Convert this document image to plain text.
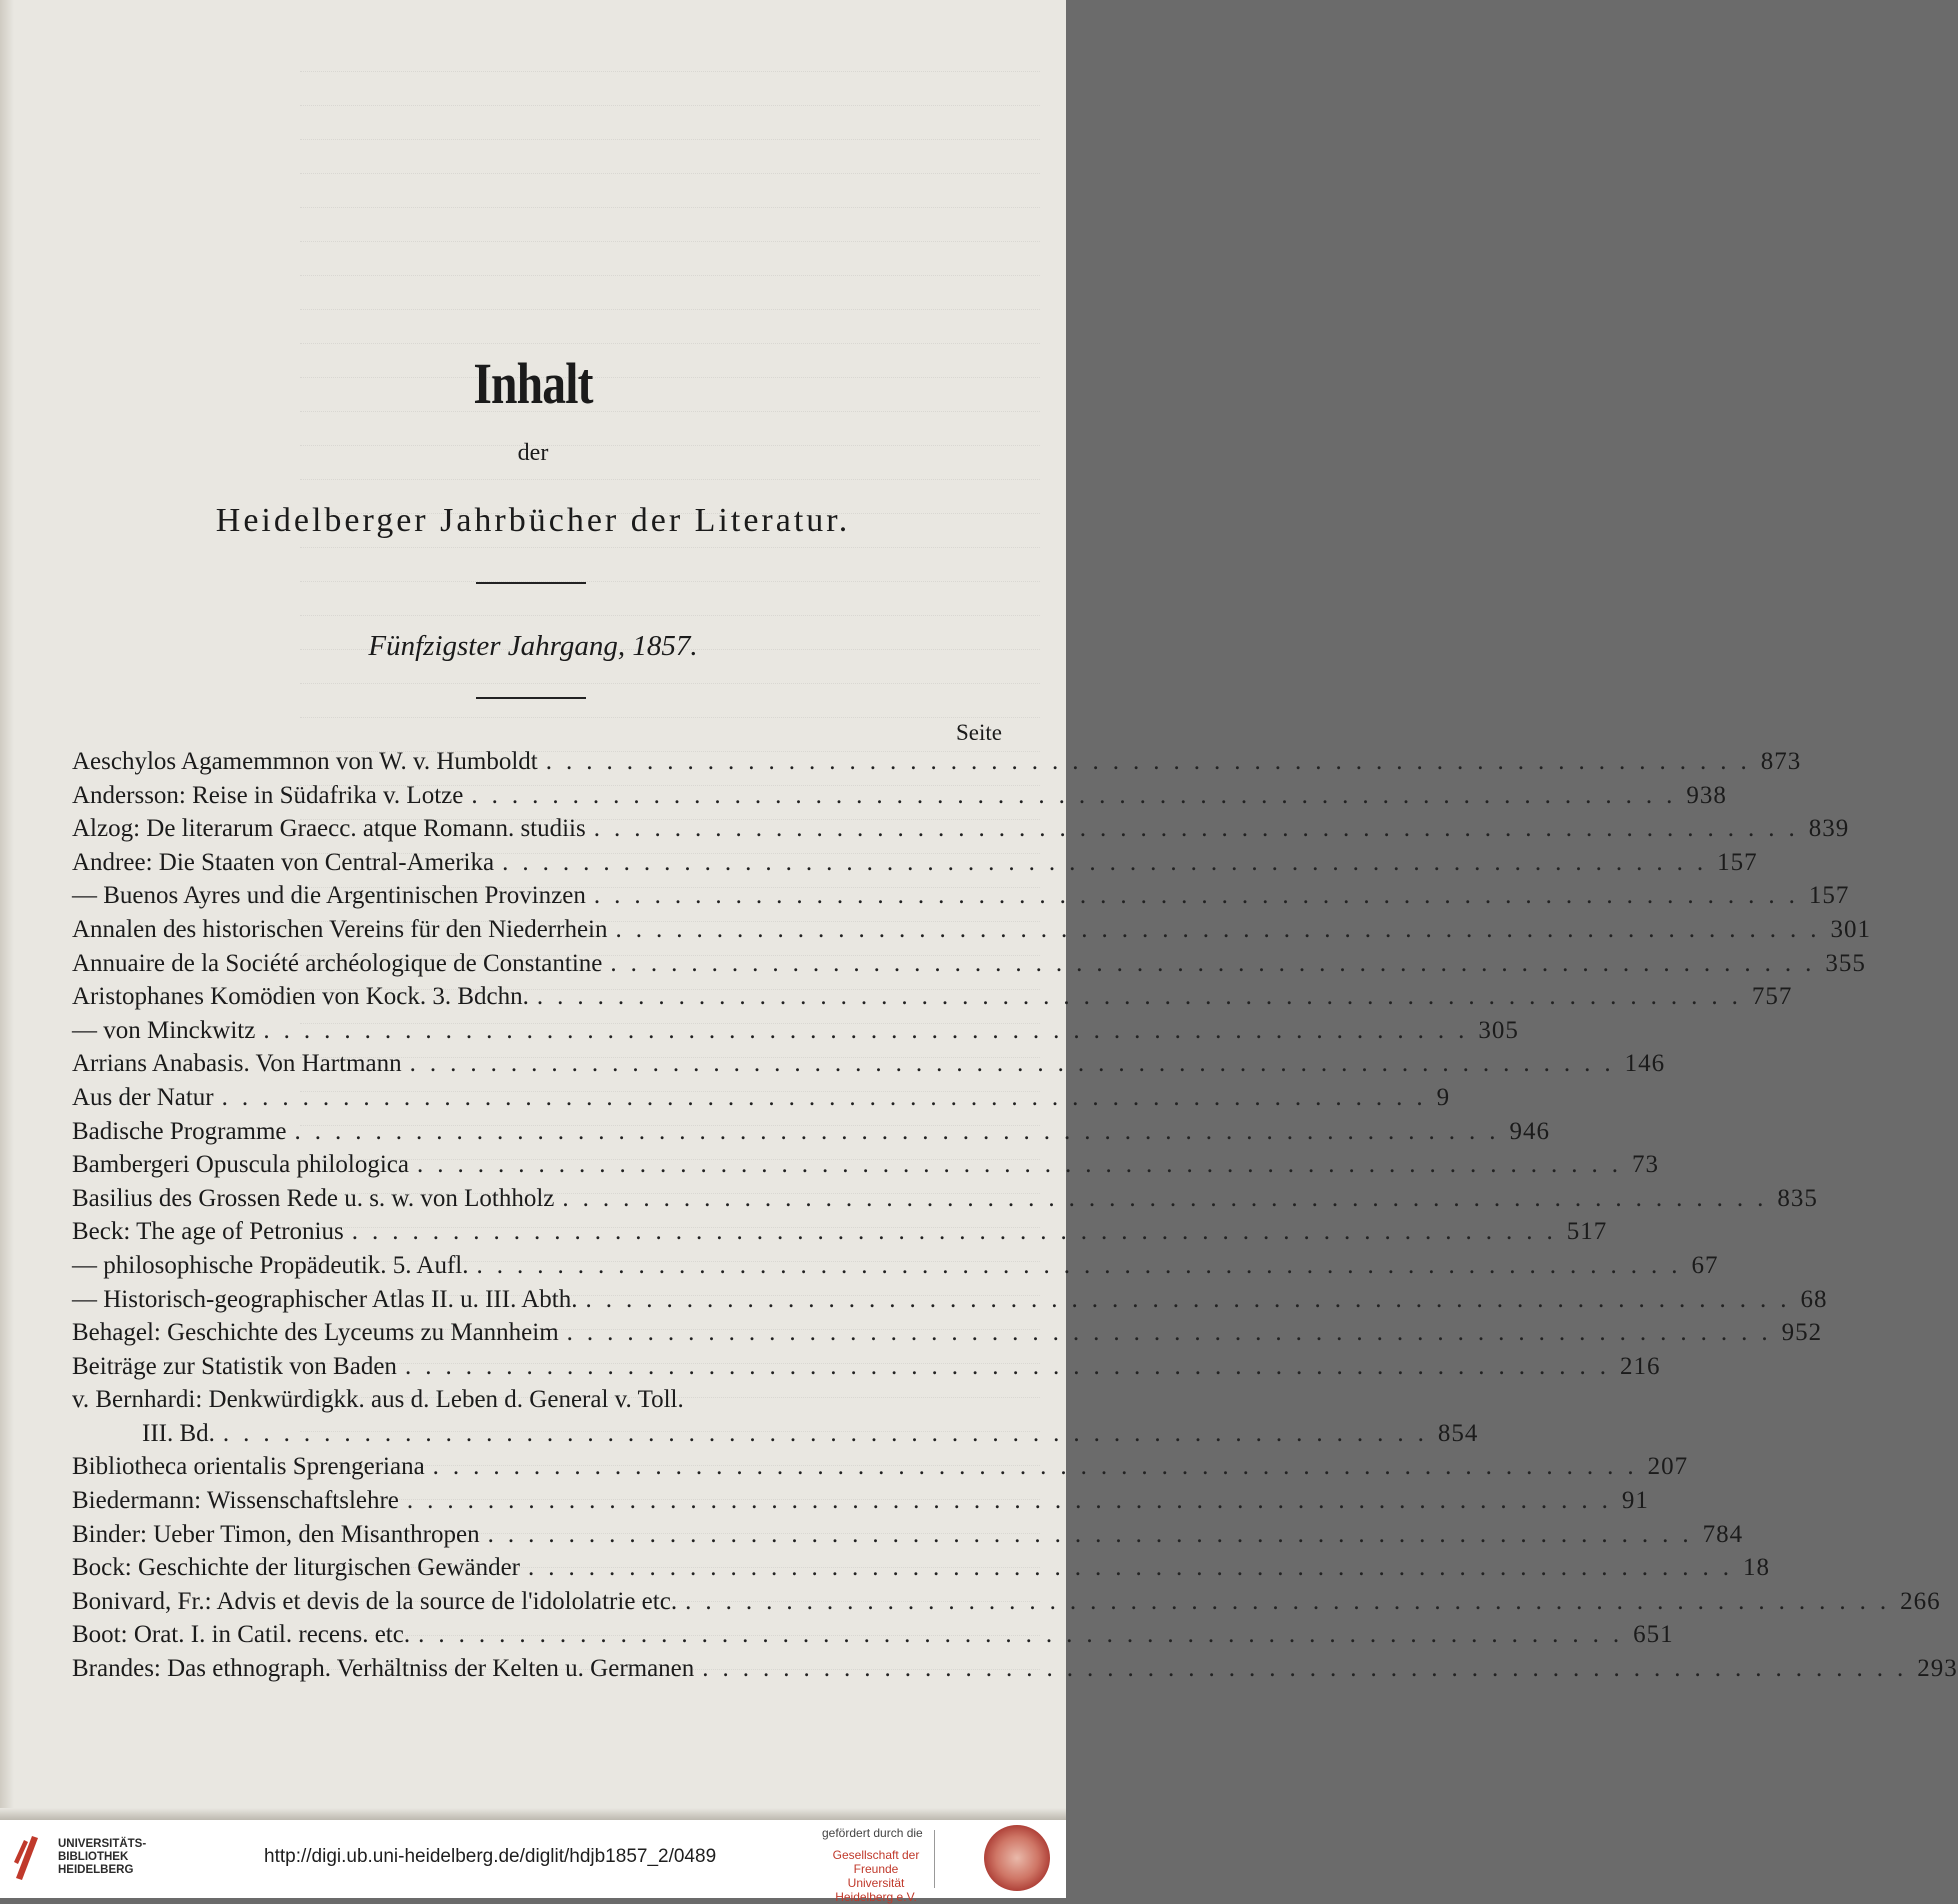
Inhalt
der
Heidelberger Jahrbücher der Literatur.
Fünfzigster Jahrgang, 1857.
Seite
Aeschylos Agamemmnon von W. v. Humboldt ............................................................ 873
Andersson: Reise in Südafrika v. Lotze ............................................................ 938
Alzog: De literarum Graecc. atque Romann. studiis ............................................................ 839
Andree: Die Staaten von Central-Amerika ............................................................ 157
— Buenos Ayres und die Argentinischen Provinzen ............................................................ 157
Annalen des historischen Vereins für den Niederrhein ............................................................ 301
Annuaire de la Société archéologique de Constantine ............................................................ 355
Aristophanes Komödien von Kock. 3. Bdchn. ............................................................ 757
— von Minckwitz ............................................................ 305
Arrians Anabasis. Von Hartmann ............................................................ 146
Aus der Natur ............................................................ 9
Badische Programme ............................................................ 946
Bambergeri Opuscula philologica ............................................................ 73
Basilius des Grossen Rede u. s. w. von Lothholz ............................................................ 835
Beck: The age of Petronius ............................................................ 517
— philosophische Propädeutik. 5. Aufl. ............................................................ 67
— Historisch-geographischer Atlas II. u. III. Abth. ............................................................ 68
Behagel: Geschichte des Lyceums zu Mannheim ............................................................ 952
Beiträge zur Statistik von Baden ............................................................ 216
v. Bernhardi: Denkwürdigkk. aus d. Leben d. General v. Toll.
III. Bd. ............................................................ 854
Bibliotheca orientalis Sprengeriana ............................................................ 207
Biedermann: Wissenschaftslehre ............................................................ 91
Binder: Ueber Timon, den Misanthropen ............................................................ 784
Bock: Geschichte der liturgischen Gewänder ............................................................ 18
Bonivard, Fr.: Advis et devis de la source de l'idololatrie etc. ............................................................ 266
Boot: Orat. I. in Catil. recens. etc. ............................................................ 651
Brandes: Das ethnograph. Verhältniss der Kelten u. Germanen ............................................................ 293
UNIVERSITÄTS-
BIBLIOTHEK
HEIDELBERG
http://digi.ub.uni-heidelberg.de/diglit/hdjb1857_2/0489
gefördert durch die
Gesellschaft der Freunde
Universität Heidelberg e.V.
